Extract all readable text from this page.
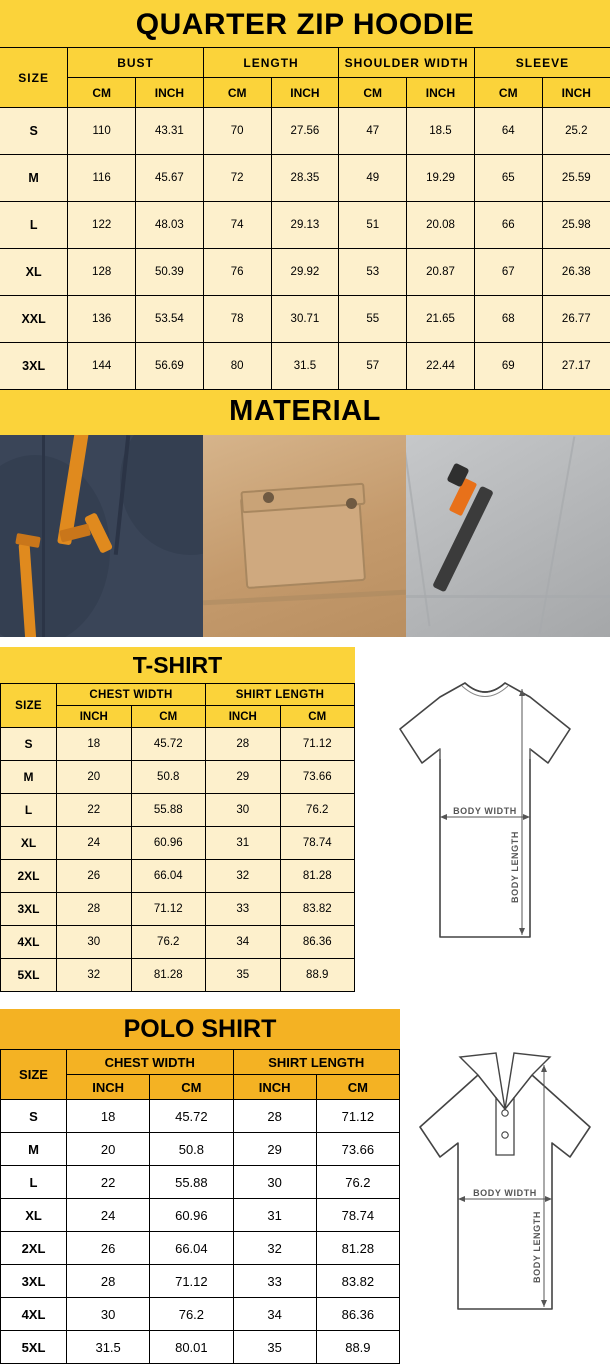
QUARTER ZIP HOODIE
SIZE	BUST		LENGTH		SHOULDER WIDTH		SLEEVE	
	CM	INCH	CM	INCH	CM	INCH	CM	INCH
S	110	43.31	70	27.56	47	18.5	64	25.2
M	116	45.67	72	28.35	49	19.29	65	25.59
L	122	48.03	74	29.13	51	20.08	66	25.98
XL	128	50.39	76	29.92	53	20.87	67	26.38
XXL	136	53.54	78	30.71	55	21.65	68	26.77
3XL	144	56.69	80	31.5	57	22.44	69	27.17
MATERIAL
T-SHIRT
SIZE	CHEST WIDTH		SHIRT LENGTH	
	INCH	CM	INCH	CM
S	18	45.72	28	71.12
M	20	50.8	29	73.66
L	22	55.88	30	76.2
XL	24	60.96	31	78.74
2XL	26	66.04	32	81.28
3XL	28	71.12	33	83.82
4XL	30	76.2	34	86.36
5XL	32	81.28	35	88.9
BODY WIDTH
BODY LENGTH
POLO SHIRT
SIZE	CHEST WIDTH		SHIRT LENGTH	
	INCH	CM	INCH	CM
S	18	45.72	28	71.12
M	20	50.8	29	73.66
L	22	55.88	30	76.2
XL	24	60.96	31	78.74
2XL	26	66.04	32	81.28
3XL	28	71.12	33	83.82
4XL	30	76.2	34	86.36
5XL	31.5	80.01	35	88.9
BODY WIDTH
BODY LENGTH
